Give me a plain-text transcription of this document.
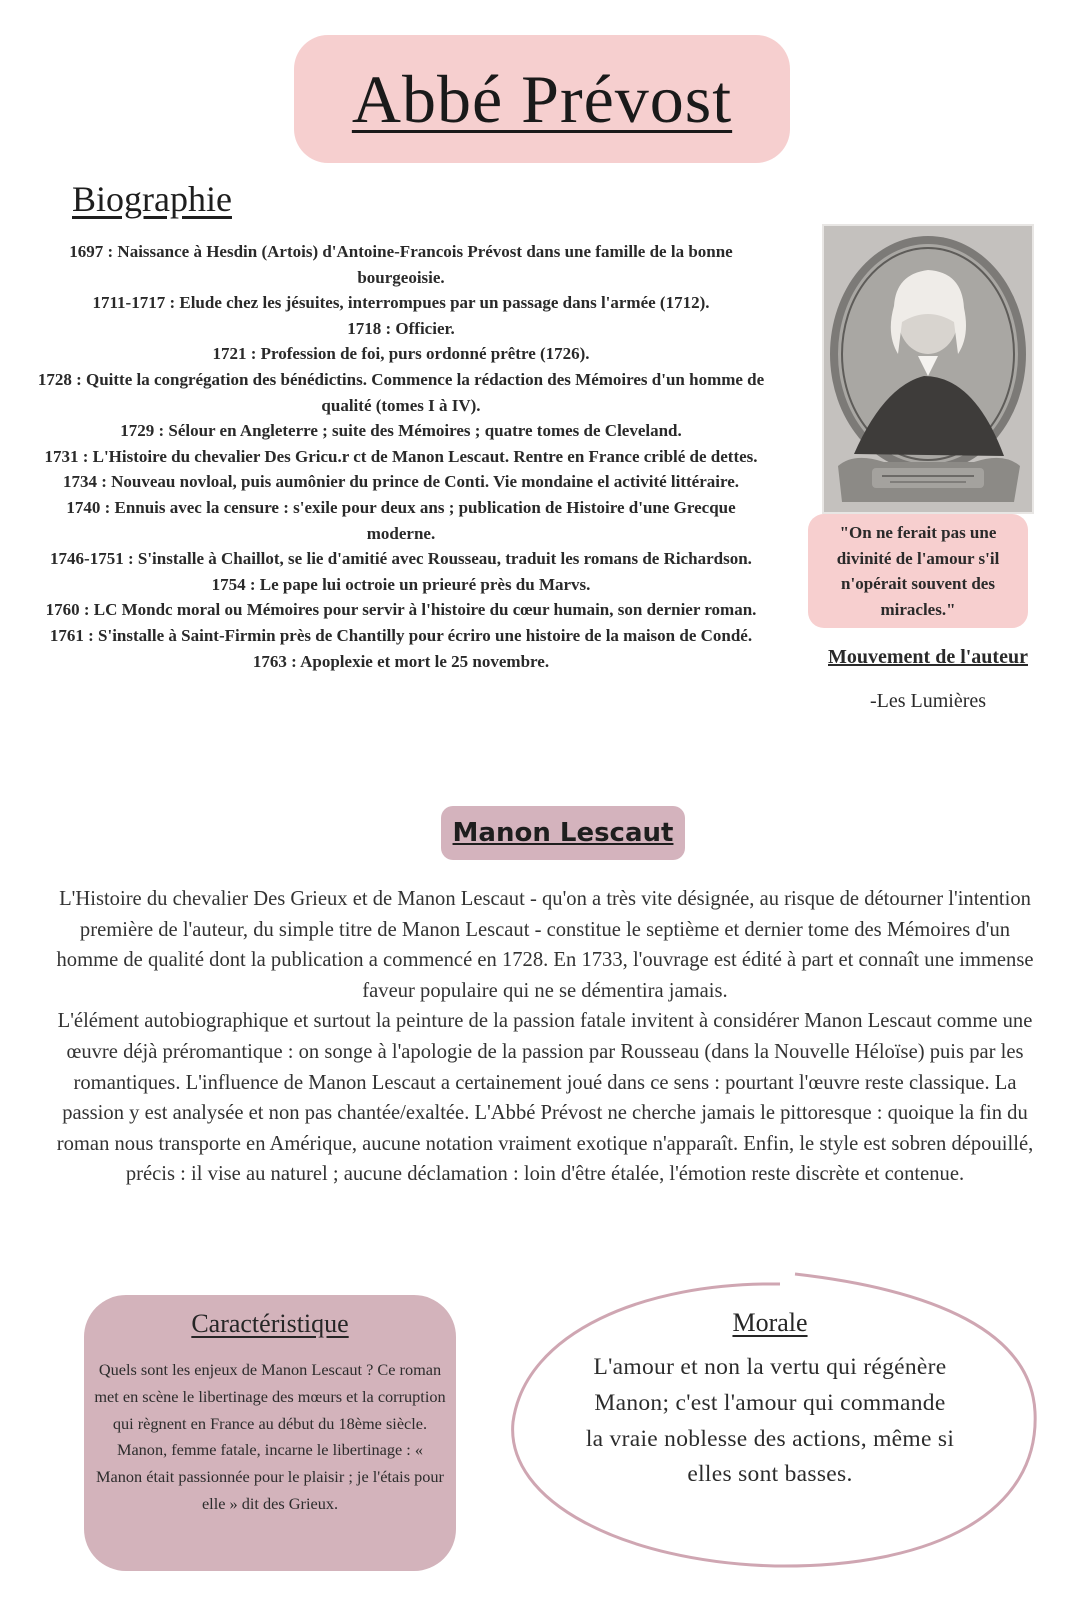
Abbé Prévost
Biographie

1697 : Naissance à Hesdin (Artois) d'Antoine-Francois Prévost dans une famille de la bonne bourgeoisie.

1711-1717 : Elude chez les jésuites, interrompues par un passage dans l'armée (1712).

1718 : Officier.

1721 : Profession de foi, purs ordonné prêtre (1726).

1728 : Quitte la congrégation des bénédictins. Commence la rédaction des Mémoires d'un homme de qualité (tomes I à IV).

1729 : Sélour en Angleterre ; suite des Mémoires ; quatre tomes de Cleveland.

1731 : L'Histoire du chevalier Des Gricu.r ct de Manon Lescaut. Rentre en France criblé de dettes.

1734 : Nouveau novloal, puis aumônier du prince de Conti. Vie mondaine el activité littéraire.

1740 : Ennuis avec la censure : s'exile pour deux ans ; publication de Histoire d'une Grecque moderne.

1746-1751 : S'installe à Chaillot, se lie d'amitié avec Rousseau, traduit les romans de Richardson.

1754 : Le pape lui octroie un prieuré près du Marvs.

1760 : LC Mondc moral ou Mémoires pour servir à l'histoire du cœur humain, son dernier roman.

1761 : S'installe à Saint-Firmin près de Chantilly pour écriro une histoire de la maison de Condé. 1763 : Apoplexie et mort le 25 novembre.

"On ne ferait pas une divinité de l'amour s'il n'opérait souvent des miracles."
Mouvement de l'auteur
-Les Lumières
Manon Lescaut

L'Histoire du chevalier Des Grieux et de Manon Lescaut - qu'on a très vite désignée, au risque de détourner l'intention première de l'auteur, du simple titre de Manon Lescaut - constitue le septième et dernier tome des Mémoires d'un homme de qualité dont la publication a commencé en 1728. En 1733, l'ouvrage est édité à part et connaît une immense faveur populaire qui ne se démentira jamais.

L'élément autobiographique et surtout la peinture de la passion fatale invitent à considérer Manon Lescaut comme une œuvre déjà préromantique : on songe à l'apologie de la passion par Rousseau (dans la Nouvelle Héloïse) puis par les romantiques. L'influence de Manon Lescaut a certainement joué dans ce sens : pourtant l'œuvre reste classique. La passion y est analysée et non pas chantée/exaltée. L'Abbé Prévost ne cherche jamais le pittoresque : quoique la fin du roman nous transporte en Amérique, aucune notation vraiment exotique n'apparaît. Enfin, le style est sobren dépouillé, précis : il vise au naturel ; aucune déclamation : loin d'être étalée, l'émotion reste discrète et contenue.

Caractéristique
Quels sont les enjeux de Manon Lescaut ? Ce roman met en scène le libertinage des mœurs et la corruption qui règnent en France au début du 18ème siècle. Manon, femme fatale, incarne le libertinage : « Manon était passionnée pour le plaisir ; je l'étais pour elle » dit des Grieux.
Morale
L'amour et non la vertu qui régénère Manon; c'est l'amour qui commande la vraie noblesse des actions, même si elles sont basses.
